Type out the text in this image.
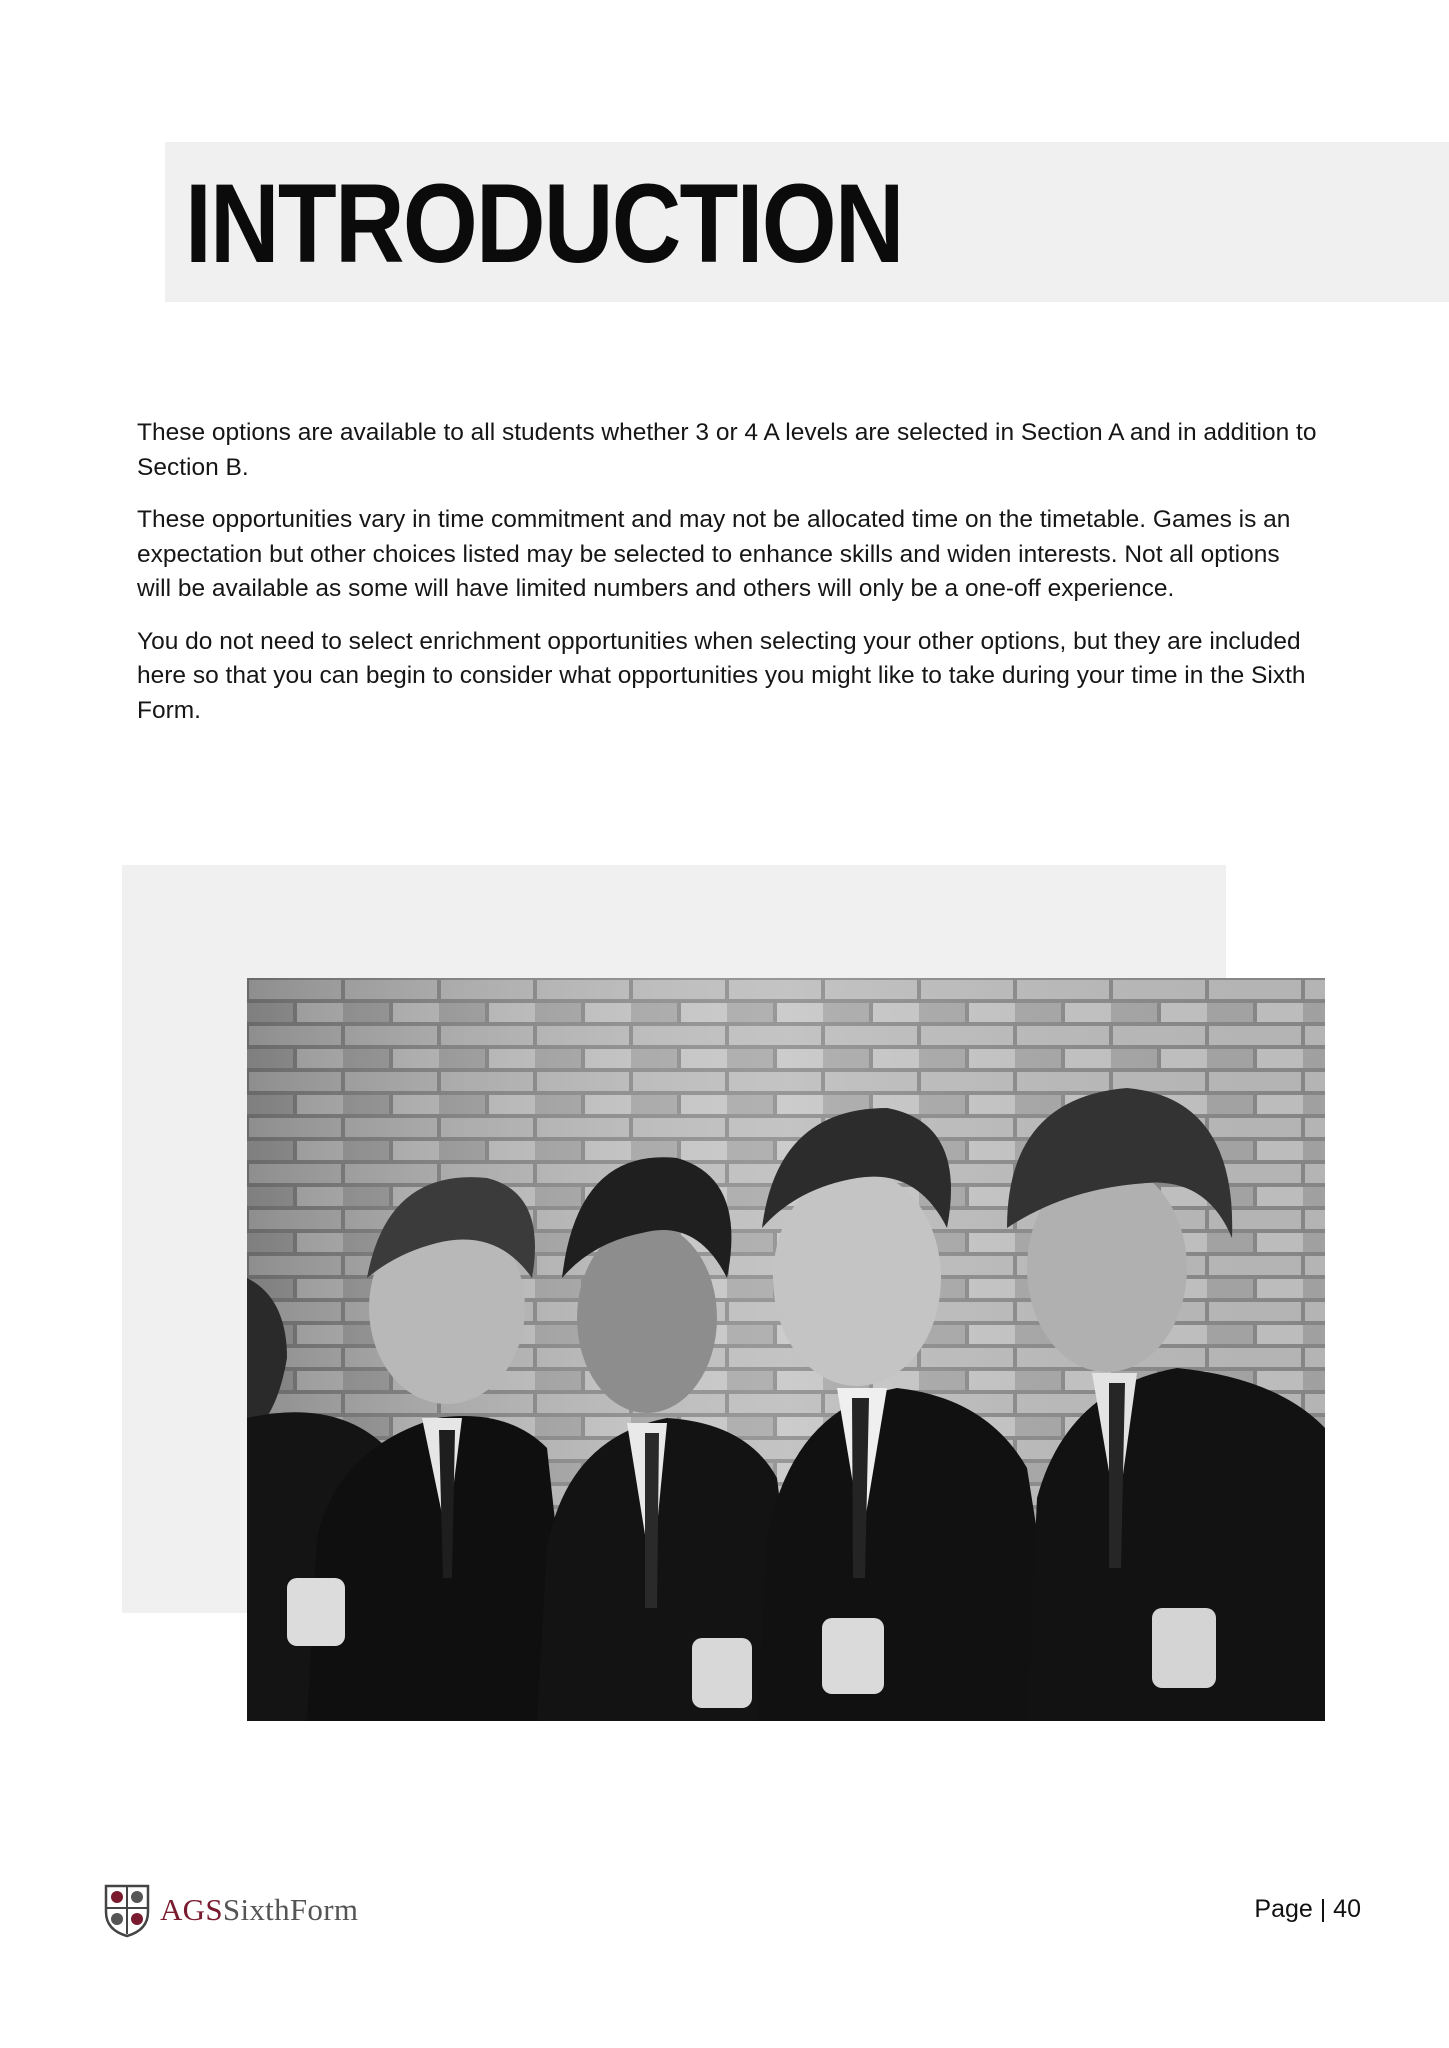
INTRODUCTION

These options are available to all students whether 3 or 4 A levels are selected in Section A and in addition to Section B.

These opportunities vary in time commitment and may not be allocated time on the timetable. Games is an expectation but other choices listed may be selected to enhance skills and widen interests. Not all options will be available as some will have limited numbers and others will only be a one-off experience.

You do not need to select enrichment opportunities when selecting your other options, but they are included here so that you can begin to consider what opportunities you might like to take during your time in the Sixth Form.

AGSSixthForm	Page | 40
